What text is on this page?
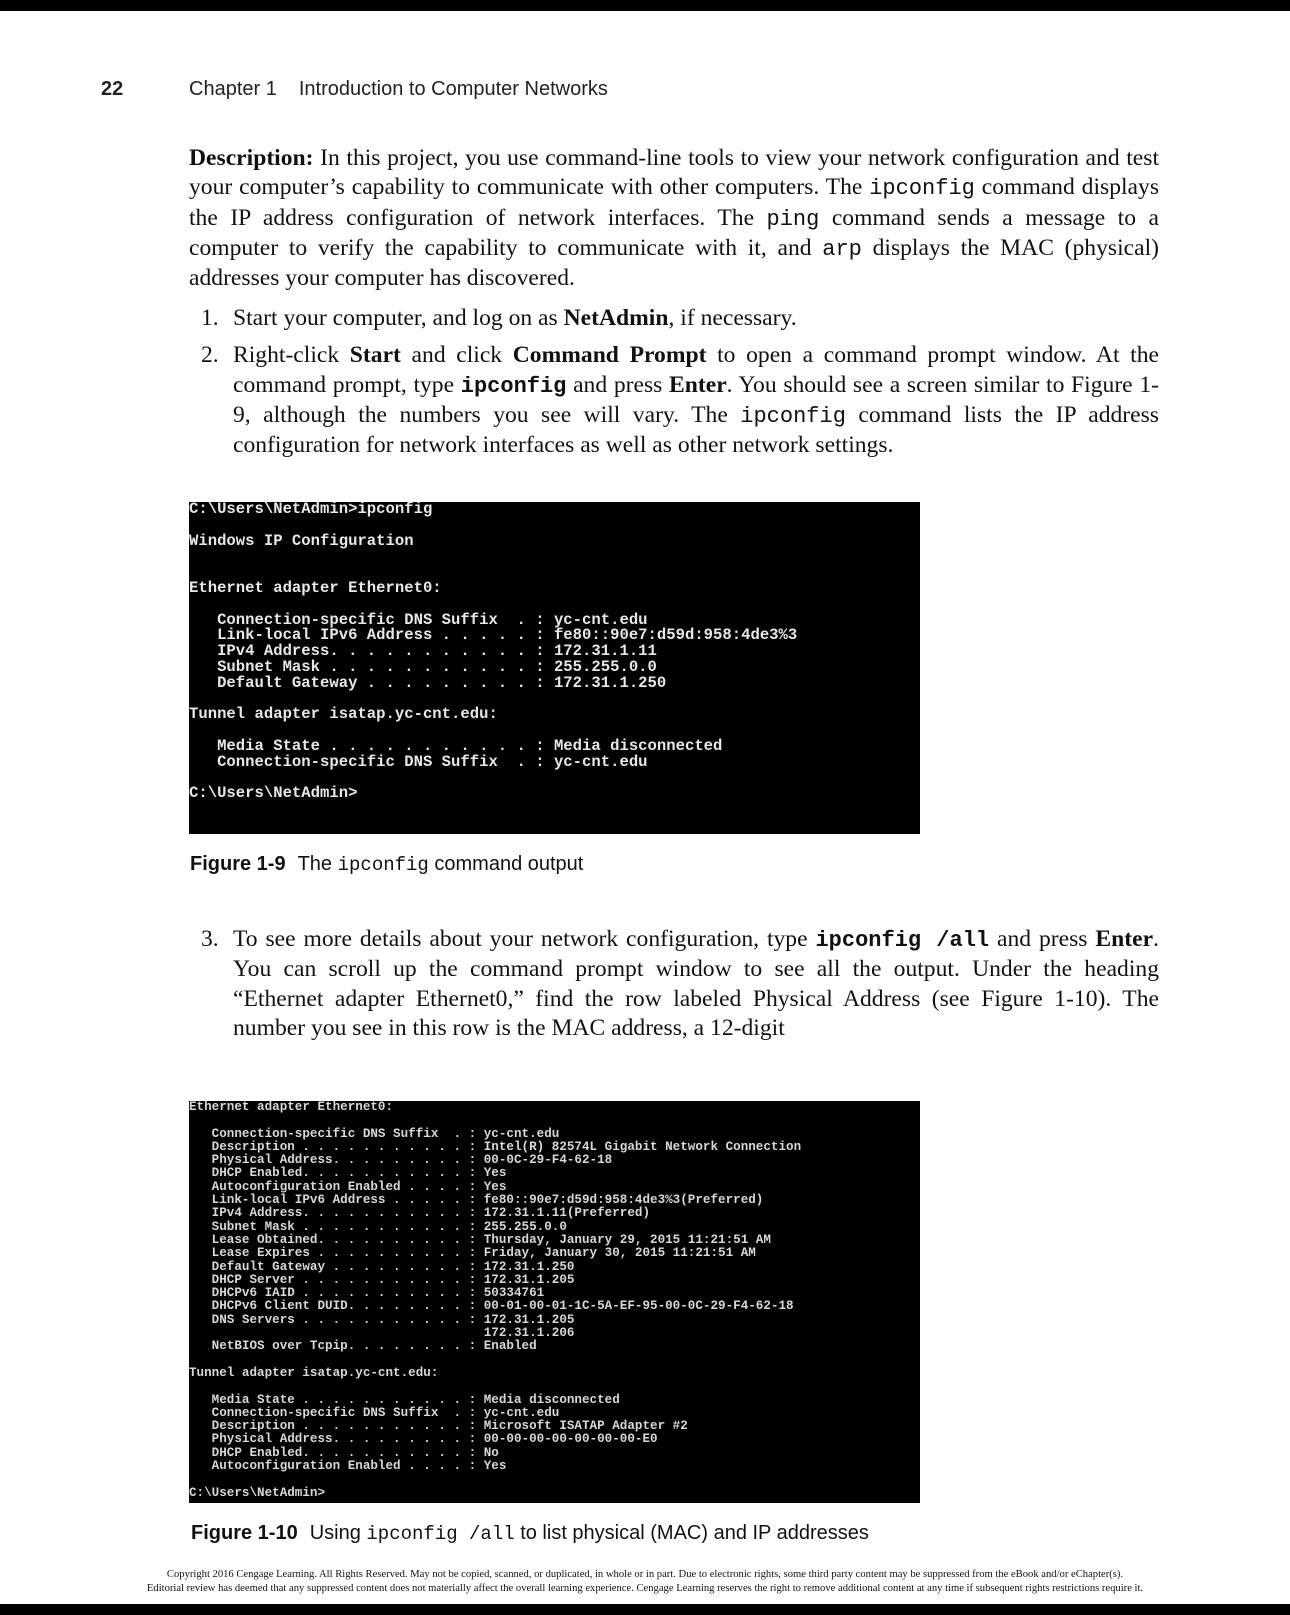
22	Chapter 1 Introduction to Computer Networks

Description: In this project, you use command-line tools to view your network configuration and test your computer’s capability to communicate with other computers. The ipconfig command displays the IP address configuration of network interfaces. The ping command sends a message to a computer to verify the capability to communicate with it, and arp displays the MAC (physical) addresses your computer has discovered.

1. Start your computer, and log on as NetAdmin, if necessary.
2. Right-click Start and click Command Prompt to open a command prompt window. At the command prompt, type ipconfig and press Enter. You should see a screen similar to Figure 1-9, although the numbers you see will vary. The ipconfig command lists the IP address configuration for network interfaces as well as other network settings.
C:\Users\NetAdmin>ipconfig

Windows IP Configuration

Ethernet adapter Ethernet0:

Connection-specific DNS Suffix  . : yc-cnt.edu
Link-local IPv6 Address . . . . . : fe80::90e7:d59d:958:4de3%3
IPv4 Address. . . . . . . . . . . : 172.31.1.11
Subnet Mask . . . . . . . . . . . : 255.255.0.0
Default Gateway . . . . . . . . . : 172.31.1.250

Tunnel adapter isatap.yc-cnt.edu:

Media State . . . . . . . . . . . : Media disconnected
Connection-specific DNS Suffix  . : yc-cnt.edu

C:\Users\NetAdmin>
Figure 1-9 The ipconfig command output
3. To see more details about your network configuration, type ipconfig /all and press Enter. You can scroll up the command prompt window to see all the output. Under the heading “Ethernet adapter Ethernet0,” find the row labeled Physical Address (see Figure 1-10). The number you see in this row is the MAC address, a 12-digit
Ethernet adapter Ethernet0:

Connection-specific DNS Suffix  . : yc-cnt.edu
Description . . . . . . . . . . . : Intel(R) 82574L Gigabit Network Connection
Physical Address. . . . . . . . . : 00-0C-29-F4-62-18
DHCP Enabled. . . . . . . . . . . : Yes
Autoconfiguration Enabled . . . . : Yes
Link-local IPv6 Address . . . . . : fe80::90e7:d59d:958:4de3%3(Preferred)
IPv4 Address. . . . . . . . . . . : 172.31.1.11(Preferred)
Subnet Mask . . . . . . . . . . . : 255.255.0.0
Lease Obtained. . . . . . . . . . : Thursday, January 29, 2015 11:21:51 AM
Lease Expires . . . . . . . . . . : Friday, January 30, 2015 11:21:51 AM
Default Gateway . . . . . . . . . : 172.31.1.250
DHCP Server . . . . . . . . . . . : 172.31.1.205
DHCPv6 IAID . . . . . . . . . . . : 50334761
DHCPv6 Client DUID. . . . . . . . : 00-01-00-01-1C-5A-EF-95-00-0C-29-F4-62-18
DNS Servers . . . . . . . . . . . : 172.31.1.205
172.31.1.206
NetBIOS over Tcpip. . . . . . . . : Enabled

Tunnel adapter isatap.yc-cnt.edu:

Media State . . . . . . . . . . . : Media disconnected
Connection-specific DNS Suffix  . : yc-cnt.edu
Description . . . . . . . . . . . : Microsoft ISATAP Adapter #2
Physical Address. . . . . . . . . : 00-00-00-00-00-00-00-E0
DHCP Enabled. . . . . . . . . . . : No
Autoconfiguration Enabled . . . . : Yes

C:\Users\NetAdmin>
Figure 1-10 Using ipconfig /all to list physical (MAC) and IP addresses
Copyright 2016 Cengage Learning. All Rights Reserved. May not be copied, scanned, or duplicated, in whole or in part. Due to electronic rights, some third party content may be suppressed from the eBook and/or eChapter(s).
Editorial review has deemed that any suppressed content does not materially affect the overall learning experience. Cengage Learning reserves the right to remove additional content at any time if subsequent rights restrictions require it.
